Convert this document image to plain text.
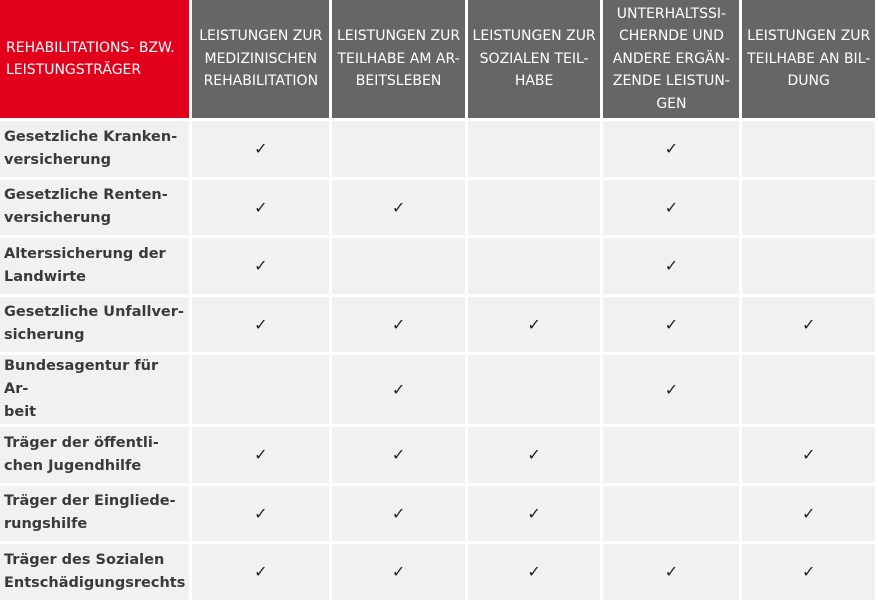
REHABILITATIONS- BZW.
LEISTUNGSTRÄGER	LEISTUNGEN ZUR
MEDIZINISCHEN
REHABILITATION	LEISTUNGEN ZUR
TEILHABE AM AR-
BEITSLEBEN	LEISTUNGEN ZUR
SOZIALEN TEIL-
HABE	UNTERHALTSSI-
CHERNDE UND
ANDERE ERGÄN-
ZENDE LEISTUN-
GEN	LEISTUNGEN ZUR
TEILHABE AN BIL-
DUNG
Gesetzliche Kranken-
versicherung	✓			✓	
Gesetzliche Renten-
versicherung	✓	✓		✓	
Alterssicherung der
Landwirte	✓			✓	
Gesetzliche Unfallver-
sicherung	✓	✓	✓	✓	✓
Bundesagentur für Ar-
beit		✓		✓	
Träger der öffentli-
chen Jugendhilfe	✓	✓	✓		✓
Träger der Eingliede-
rungshilfe	✓	✓	✓		✓
Träger des Sozialen
Entschädigungsrechts	✓	✓	✓	✓	✓
